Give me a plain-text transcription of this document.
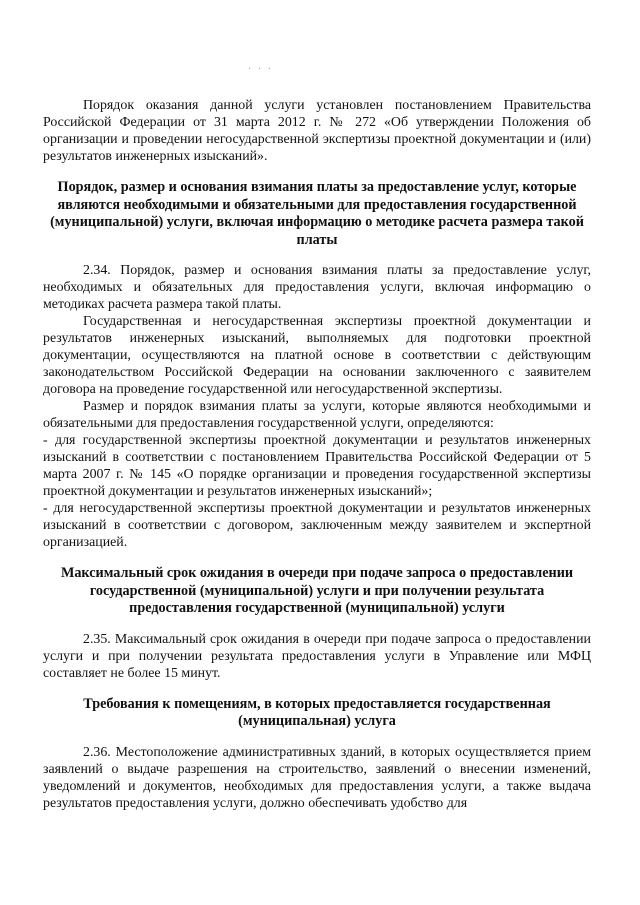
· · ·

Порядок оказания данной услуги установлен постановлением Правительства Российской Федерации от 31 марта 2012 г. № 272 «Об утверждении Положения об организации и проведении негосударственной экспертизы проектной документации и (или) результатов инженерных изысканий».

Порядок, размер и основания взимания платы за предоставление услуг, которые являются необходимыми и обязательными для предоставления государственной (муниципальной) услуги, включая информацию о методике расчета размера такой платы

2.34. Порядок, размер и основания взимания платы за предоставление услуг, необходимых и обязательных для предоставления услуги, включая информацию о методиках расчета размера такой платы.

Государственная и негосударственная экспертизы проектной документации и результатов инженерных изысканий, выполняемых для подготовки проектной документации, осуществляются на платной основе в соответствии с действующим законодательством Российской Федерации на основании заключенного с заявителем договора на проведение государственной или негосударственной экспертизы.

Размер и порядок взимания платы за услуги, которые являются необходимыми и обязательными для предоставления государственной услуги, определяются:

- для государственной экспертизы проектной документации и результатов инженерных изысканий в соответствии с постановлением Правительства Российской Федерации от 5 марта 2007 г. № 145 «О порядке организации и проведения государственной экспертизы проектной документации и результатов инженерных изысканий»;

- для негосударственной экспертизы проектной документации и результатов инженерных изысканий в соответствии с договором, заключенным между заявителем и экспертной организацией.

Максимальный срок ожидания в очереди при подаче запроса о предоставлении государственной (муниципальной) услуги и при получении результата предоставления государственной (муниципальной) услуги

2.35. Максимальный срок ожидания в очереди при подаче запроса о предоставлении услуги и при получении результата предоставления услуги в Управление или МФЦ составляет не более 15 минут.

Требования к помещениям, в которых предоставляется государственная (муниципальная) услуга

2.36. Местоположение административных зданий, в которых осуществляется прием заявлений о выдаче разрешения на строительство, заявлений о внесении изменений, уведомлений и документов, необходимых для предоставления услуги, а также выдача результатов предоставления услуги, должно обеспечивать удобство для
